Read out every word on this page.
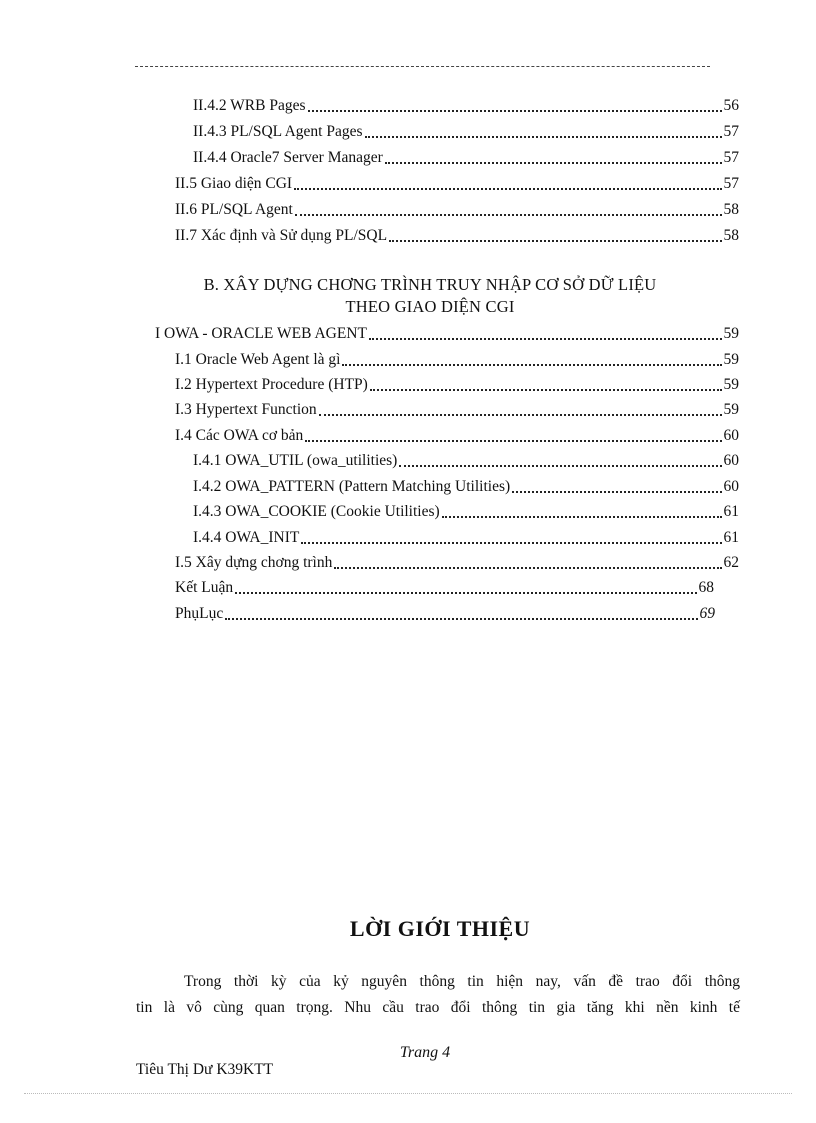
II.4.2 WRB Pages	56
II.4.3 PL/SQL Agent Pages	57
II.4.4 Oracle7 Server Manager	57
II.5 Giao diện CGI	57
II.6 PL/SQL Agent	58
II.7 Xác định và Sử dụng PL/SQL	58
B. XÂY DỰNG CHƠNG TRÌNH TRUY NHẬP CƠ SỞ DỮ LIỆU
THEO GIAO DIỆN CGI
I OWA - ORACLE WEB AGENT	59
I.1 Oracle Web Agent là gì	59
I.2 Hypertext Procedure (HTP)	59
I.3 Hypertext Function	59
I.4 Các OWA cơ bản	60
I.4.1 OWA_UTIL (owa_utilities)	60
I.4.2 OWA_PATTERN (Pattern Matching Utilities)	60
I.4.3 OWA_COOKIE (Cookie Utilities)	61
I.4.4 OWA_INIT	61
I.5 Xây dựng chơng trình	62
Kết Luận	68
PhụLục	69
LỜI GIỚI THIỆU
Trong thời kỳ của kỷ nguyên thông tin hiện nay, vấn đề trao đổi thông
tin là vô cùng quan trọng. Nhu cầu trao đổi thông tin gia tăng khi nền kinh tế
Trang 4
Tiêu Thị Dư K39KTT
